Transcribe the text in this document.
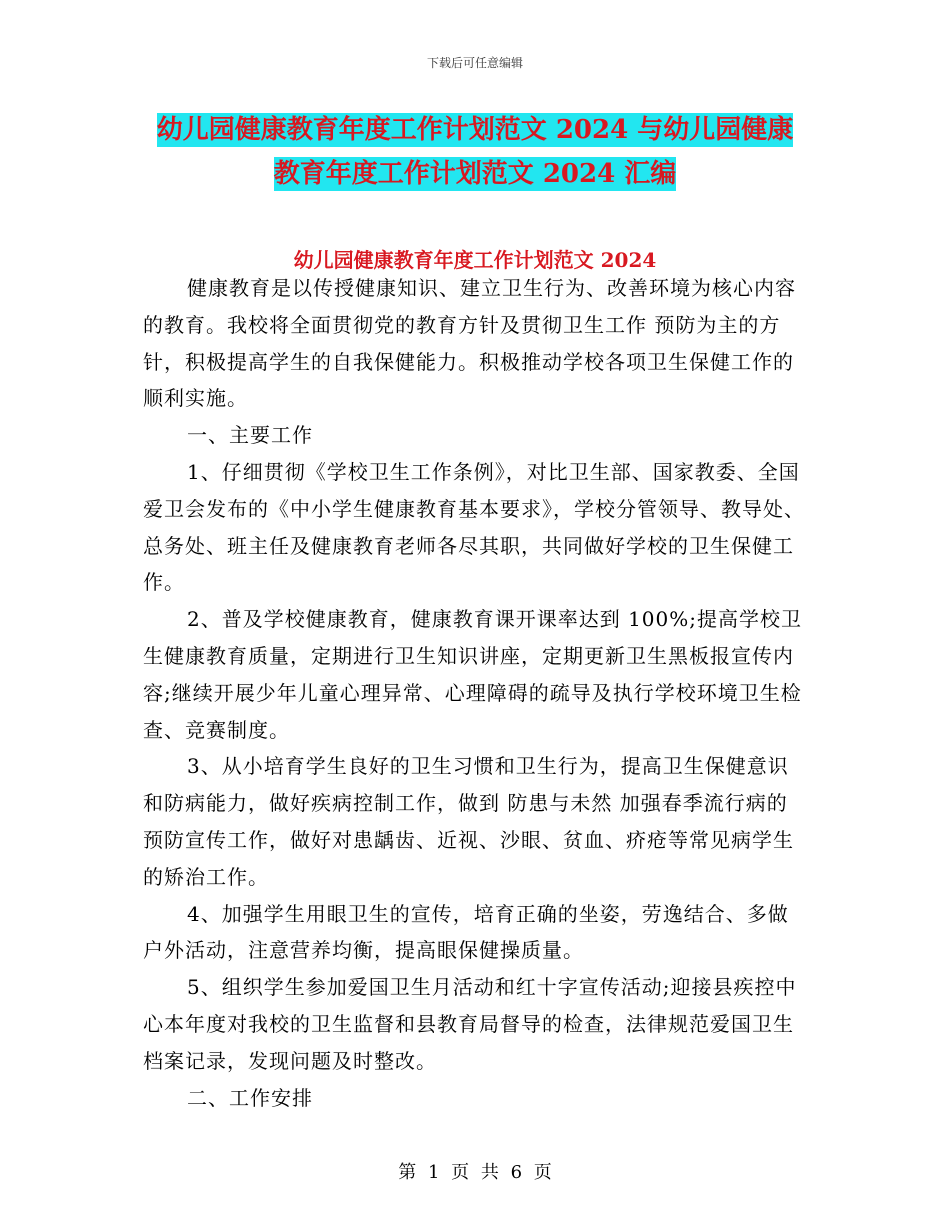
下载后可任意编辑
幼儿园健康教育年度工作计划范文 2024 与幼儿园健康
教育年度工作计划范文 2024 汇编
幼儿园健康教育年度工作计划范文 2024

健康教育是以传授健康知识、建立卫生行为、改善环境为核心内容的教育。我校将全面贯彻党的教育方针及贯彻卫生工作 预防为主的方针，积极提高学生的自我保健能力。积极推动学校各项卫生保健工作的顺利实施。

一、主要工作

1、仔细贯彻《学校卫生工作条例》，对比卫生部、国家教委、全国爱卫会发布的《中小学生健康教育基本要求》，学校分管领导、教导处、总务处、班主任及健康教育老师各尽其职，共同做好学校的卫生保健工作。

2、普及学校健康教育，健康教育课开课率达到 100%;提高学校卫生健康教育质量，定期进行卫生知识讲座，定期更新卫生黑板报宣传内容;继续开展少年儿童心理异常、心理障碍的疏导及执行学校环境卫生检查、竞赛制度。

3、从小培育学生良好的卫生习惯和卫生行为，提高卫生保健意识和防病能力，做好疾病控制工作，做到 防患与未然 加强春季流行病的预防宣传工作，做好对患龋齿、近视、沙眼、贫血、疥疮等常见病学生的矫治工作。

4、加强学生用眼卫生的宣传，培育正确的坐姿，劳逸结合、多做户外活动，注意营养均衡，提高眼保健操质量。

5、组织学生参加爱国卫生月活动和红十字宣传活动;迎接县疾控中心本年度对我校的卫生监督和县教育局督导的检查，法律规范爱国卫生档案记录，发现问题及时整改。

二、工作安排

第 1 页 共 6 页
